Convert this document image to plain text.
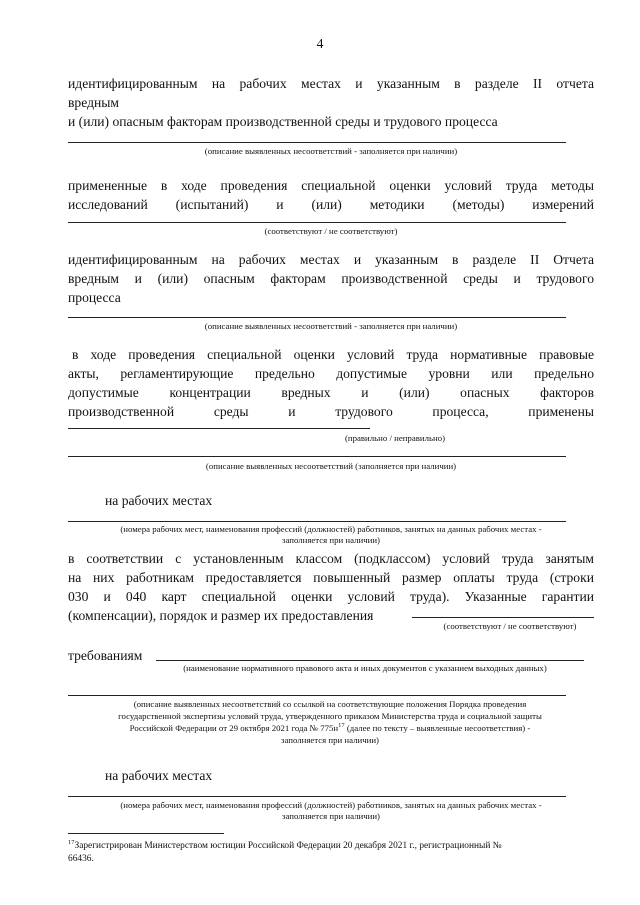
4

идентифицированным на рабочих местах и указанным в разделе II отчета

вредным

и (или) опасным факторам производственной среды и трудового процесса

(описание выявленных несоответствий - заполняется при наличии)

примененные в ходе проведения специальной оценки условий труда методы

исследований (испытаний) и (или) методики (методы) измерений

(соответствуют / не соответствуют)

идентифицированным на рабочих местах и указанным в разделе II Отчета

вредным и (или) опасным факторам производственной среды и трудового

процесса

(описание выявленных несоответствий - заполняется при наличии)

в ходе проведения специальной оценки условий труда нормативные правовые

акты, регламентирующие предельно допустимые уровни или предельно

допустимые концентрации вредных и (или) опасных факторов

производственной среды и трудового процесса, применены

(правильно / неправильно)
(описание выявленных несоответствий (заполняется при наличии)
на рабочих местах
(номера рабочих мест, наименования профессий (должностей) работников, занятых на данных рабочих местах -
заполняется при наличии)

в соответствии с установленным классом (подклассом) условий труда занятым

на них работникам предоставляется повышенный размер оплаты труда (строки

030 и 040 карт специальной оценки условий труда). Указанные гарантии

(компенсации), порядок и размер их предоставления

(соответствуют / не соответствуют)
требованиям
(наименование нормативного правового акта и иных документов с указанием выходных данных)
(описание выявленных несоответствий со ссылкой на соответствующие положения Порядка проведения
государственной экспертизы условий труда, утвержденного приказом Министерства труда и социальной защиты
Российской Федерации от 29 октября 2021 года № $775н^{17}$ (далее по тексту – выявленные несоответствия) -
заполняется при наличии)
на рабочих местах
(номера рабочих мест, наименования профессий (должностей) работников, занятых на данных рабочих местах -
заполняется при наличии)
$^{17}$Зарегистрирован Министерством юстиции Российской Федерации 20 декабря 2021 г., регистрационный №
66436.
